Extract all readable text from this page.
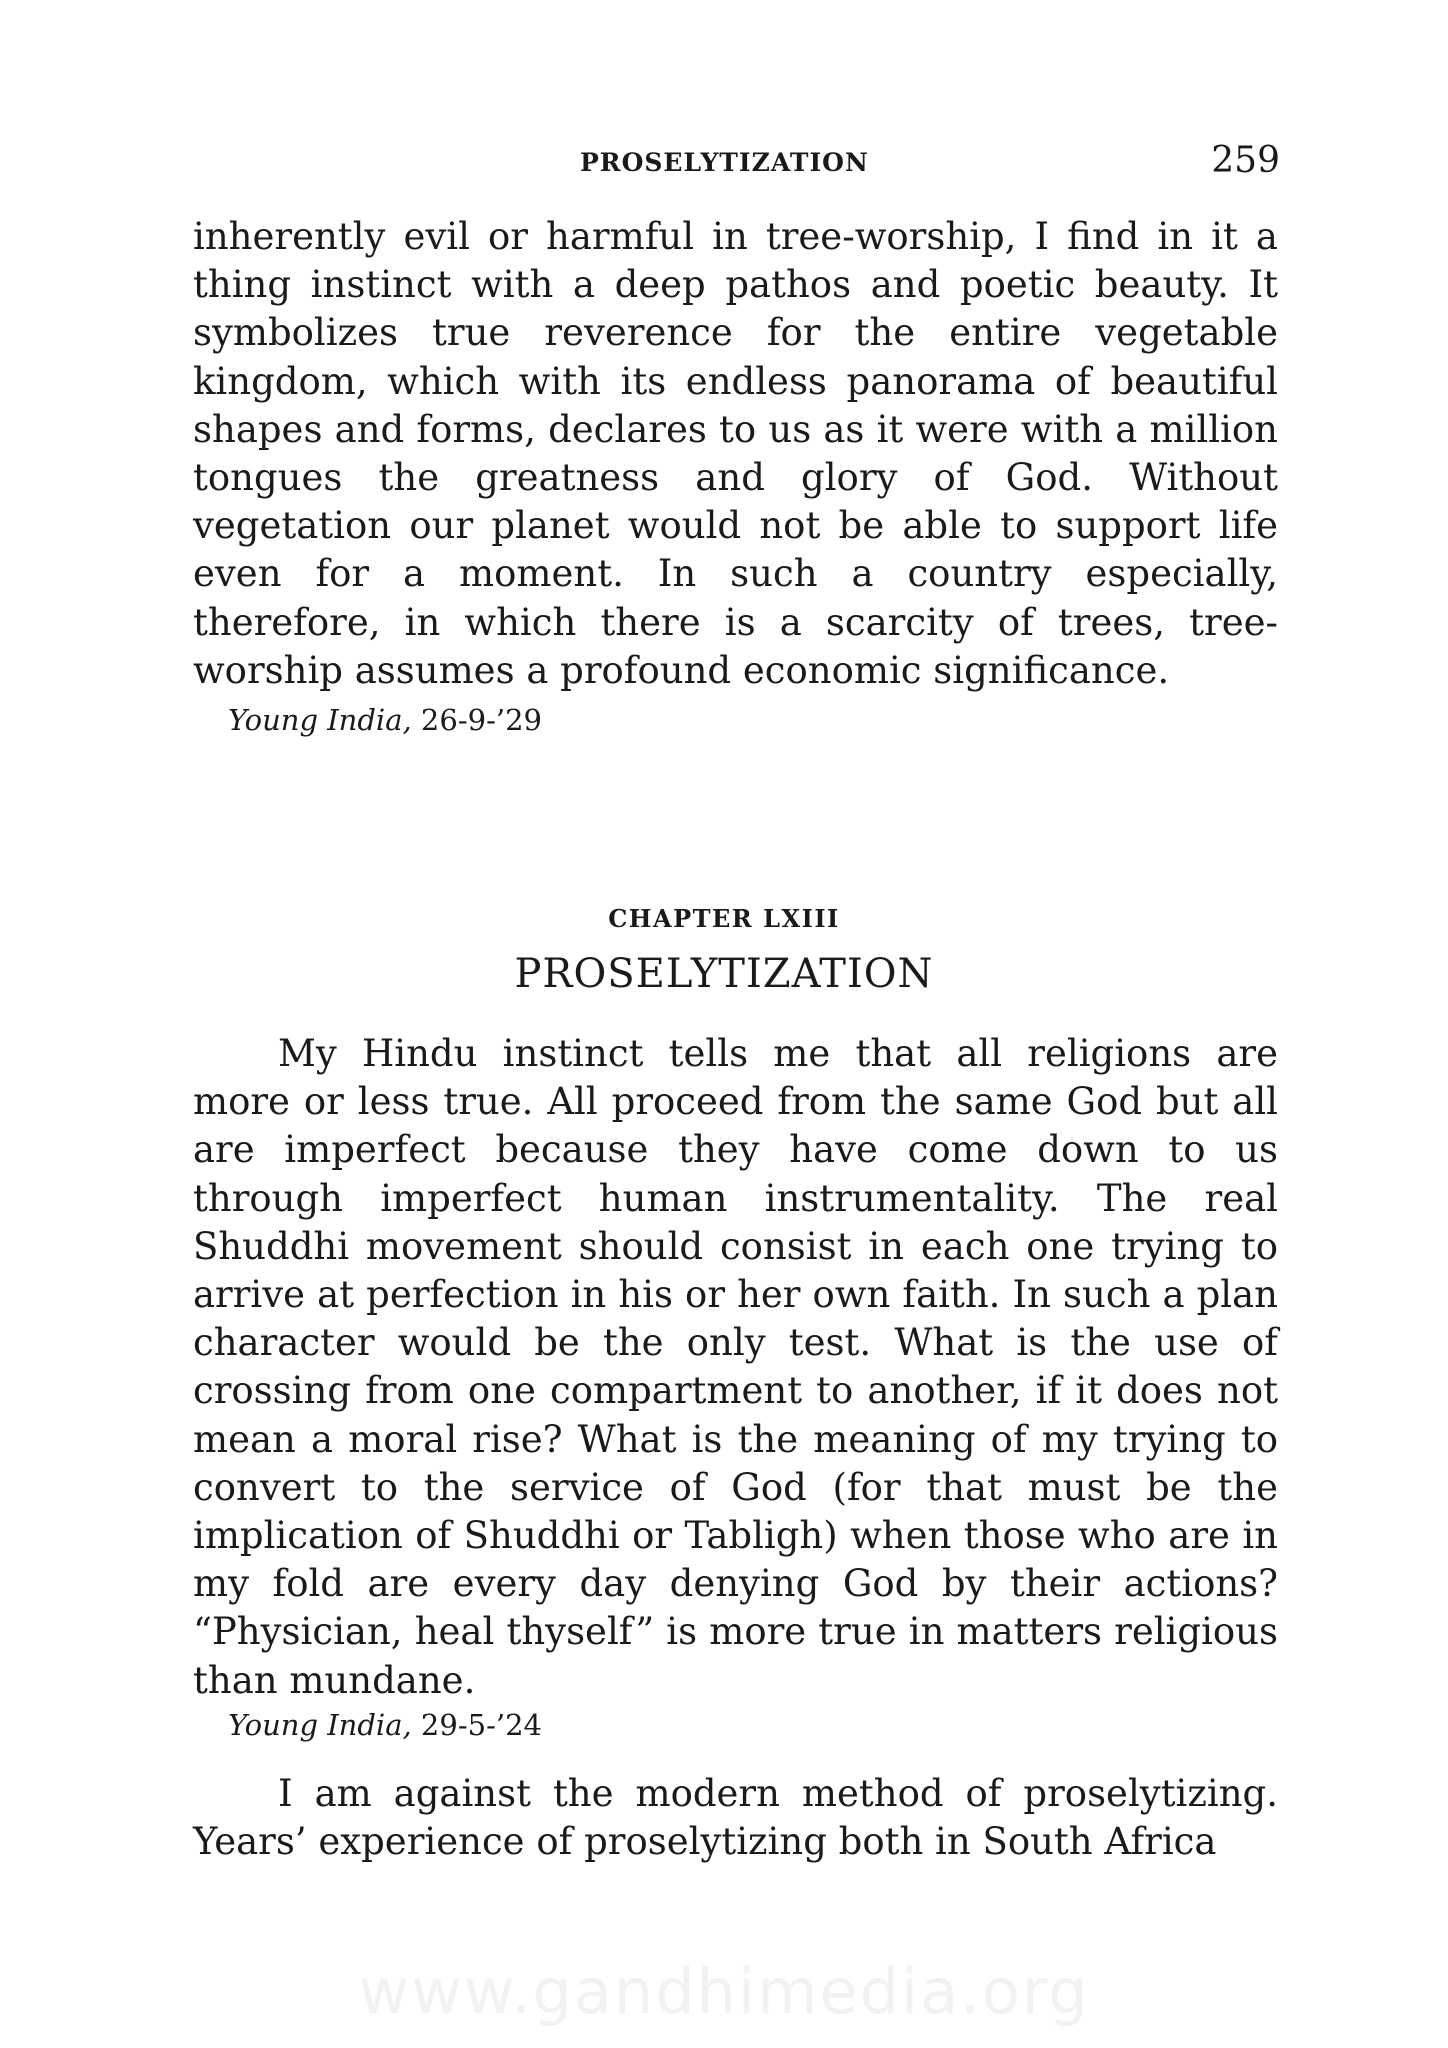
PROSELYTIZATION	259

inherently evil or harmful in tree-worship, I find in it a thing instinct with a deep pathos and poetic beauty. It symbolizes true reverence for the entire vegetable kingdom, which with its endless panorama of beautiful shapes and forms, declares to us as it were with a million tongues the greatness and glory of God. Without vegetation our planet would not be able to support life even for a moment. In such a country especially, therefore, in which there is a scarcity of trees, tree-worship assumes a profound economic significance.

Young India, 26-9-’29

CHAPTER LXIII
PROSELYTIZATION

My Hindu instinct tells me that all religions are more or less true. All proceed from the same God but all are imperfect because they have come down to us through imperfect human instrumentality. The real Shuddhi movement should consist in each one trying to arrive at perfection in his or her own faith. In such a plan character would be the only test. What is the use of crossing from one compartment to another, if it does not mean a moral rise? What is the meaning of my trying to convert to the service of God (for that must be the implication of Shuddhi or Tabligh) when those who are in my fold are every day denying God by their actions? “Physician, heal thyself” is more true in matters religious than mundane.

Young India, 29-5-’24

I am against the modern method of proselytizing. Years’ experience of proselytizing both in South Africa

www.gandhimedia.org
